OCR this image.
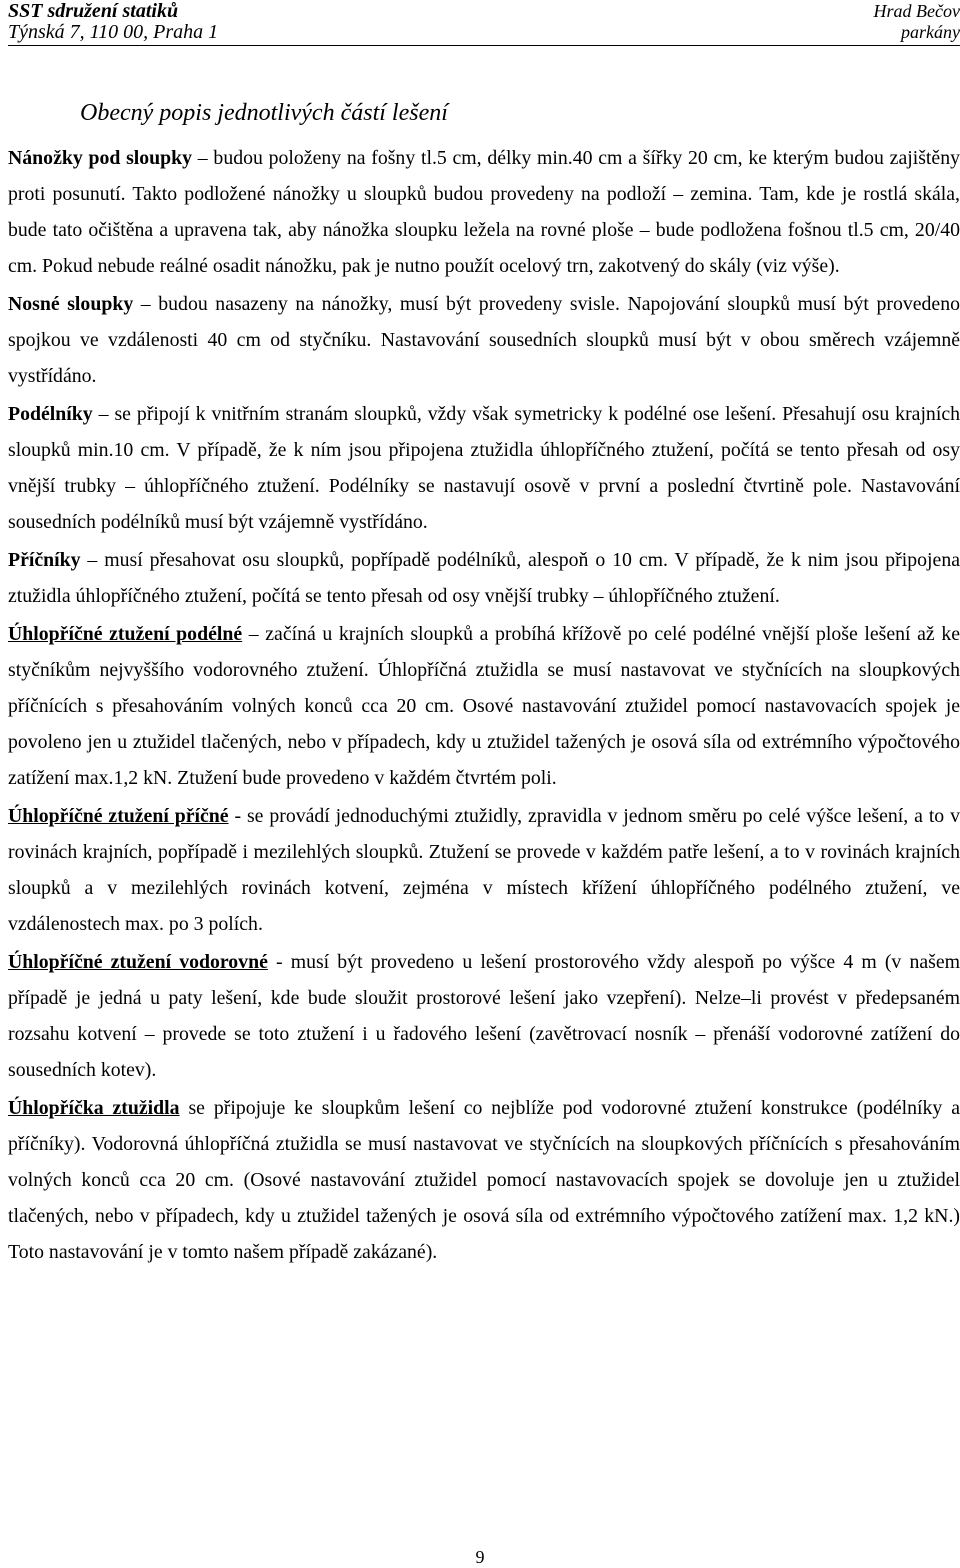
SST sdružení statiků
Týnská 7, 110 00, Praha 1
Hrad Bečov
parkány
Obecný popis jednotlivých částí lešení

Nánožky pod sloupky – budou položeny na fošny tl.5 cm, délky min.40 cm a šířky 20 cm, ke kterým budou zajištěny proti posunutí. Takto podložené nánožky u sloupků budou provedeny na podloží – zemina. Tam, kde je rostlá skála, bude tato očištěna a upravena tak, aby nánožka sloupku ležela na rovné ploše – bude podložena fošnou tl.5 cm, 20/40 cm. Pokud nebude reálné osadit nánožku, pak je nutno použít ocelový trn, zakotvený do skály (viz výše).

Nosné sloupky – budou nasazeny na nánožky, musí být provedeny svisle. Napojování sloupků musí být provedeno spojkou ve vzdálenosti 40 cm od styčníku. Nastavování sousedních sloupků musí být v obou směrech vzájemně vystřídáno.

Podélníky – se připojí k vnitřním stranám sloupků, vždy však symetricky k podélné ose lešení. Přesahují osu krajních sloupků min.10 cm. V případě, že k ním jsou připojena ztužidla úhlopříčného ztužení, počítá se tento přesah od osy vnější trubky – úhlopříčného ztužení. Podélníky se nastavují osově v první a poslední čtvrtině pole. Nastavování sousedních podélníků musí být vzájemně vystřídáno.

Příčníky – musí přesahovat osu sloupků, popřípadě podélníků, alespoň o 10 cm. V případě, že k nim jsou připojena ztužidla úhlopříčného ztužení, počítá se tento přesah od osy vnější trubky – úhlopříčného ztužení.

Úhlopříčné ztužení podélné – začíná u krajních sloupků a probíhá křížově po celé podélné vnější ploše lešení až ke styčníkům nejvyššího vodorovného ztužení. Úhlopříčná ztužidla se musí nastavovat ve styčnících na sloupkových příčnících s přesahováním volných konců cca 20 cm. Osové nastavování ztužidel pomocí nastavovacích spojek je povoleno jen u ztužidel tlačených, nebo v případech, kdy u ztužidel tažených je osová síla od extrémního výpočtového zatížení max.1,2 kN. Ztužení bude provedeno v každém čtvrtém poli.

Úhlopříčné ztužení příčné - se provádí jednoduchými ztužidly, zpravidla v jednom směru po celé výšce lešení, a to v rovinách krajních, popřípadě i mezilehlých sloupků. Ztužení se provede v každém patře lešení, a to v rovinách krajních sloupků a v mezilehlých rovinách kotvení, zejména v místech křížení úhlopříčného podélného ztužení, ve vzdálenostech max. po 3 polích.

Úhlopříčné ztužení vodorovné - musí být provedeno u lešení prostorového vždy alespoň po výšce 4 m (v našem případě je jedná u paty lešení, kde bude sloužit prostorové lešení jako vzepření). Nelze–li provést v předepsaném rozsahu kotvení – provede se toto ztužení i u řadového lešení (zavětrovací nosník – přenáší vodorovné zatížení do sousedních kotev).

Úhlopříčka ztužidla se připojuje ke sloupkům lešení co nejblíže pod vodorovné ztužení konstrukce (podélníky a příčníky). Vodorovná úhlopříčná ztužidla se musí nastavovat ve styčnících na sloupkových příčnících s přesahováním volných konců cca 20 cm. (Osové nastavování ztužidel pomocí nastavovacích spojek se dovoluje jen u ztužidel tlačených, nebo v případech, kdy u ztužidel tažených je osová síla od extrémního výpočtového zatížení max. 1,2 kN.) Toto nastavování je v tomto našem případě zakázané).

9
